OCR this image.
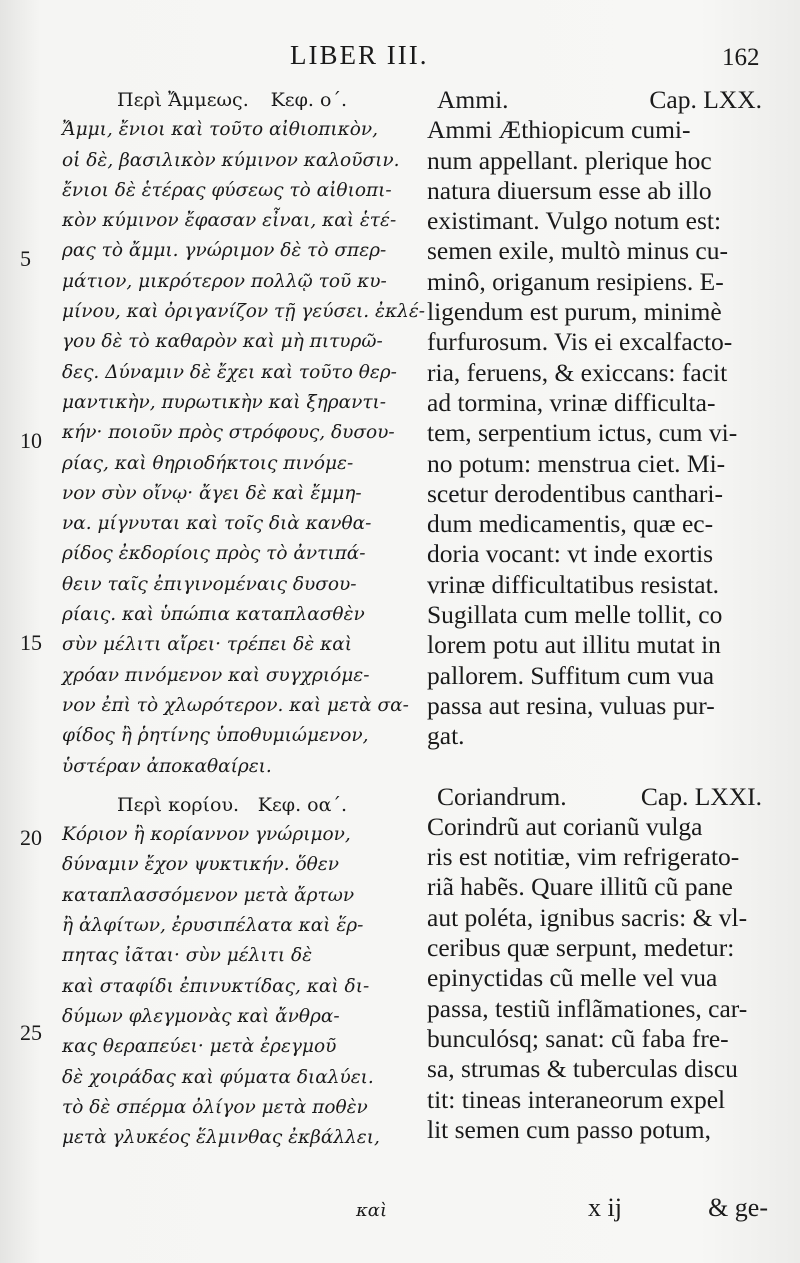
LIBER III.	162
5
10
15
20
25
Περὶ Ἄμμεως. Κεφ. ο΄.
Ἄμμι, ἔνιοι καὶ τοῦτο αἰθιοπικὸν,
οἱ δὲ, βασιλικὸν κύμινον καλοῦσιν.
ἔνιοι δὲ ἑτέρας φύσεως τὸ αἰθιοπι-
κὸν κύμινον ἔφασαν εἶναι, καὶ ἑτέ-
ρας τὸ ἄμμι. γνώριμον δὲ τὸ σπερ-
μάτιον, μικρότερον πολλῷ τοῦ κυ-
μίνου, καὶ ὀριγανίζον τῇ γεύσει. ἐκλέ-
γου δὲ τὸ καθαρὸν καὶ μὴ πιτυρῶ-
δες. Δύναμιν δὲ ἔχει καὶ τοῦτο θερ-
μαντικὴν, πυρωτικὴν καὶ ξηραντι-
κήν· ποιοῦν πρὸς στρόφους, δυσου-
ρίας, καὶ θηριοδήκτοις πινόμε-
νον σὺν οἴνῳ· ἄγει δὲ καὶ ἔμμη-
να. μίγνυται καὶ τοῖς διὰ κανθα-
ρίδος ἐκδορίοις πρὸς τὸ ἀντιπά-
θειν ταῖς ἐπιγινομέναις δυσου-
ρίαις. καὶ ὑπώπια καταπλασθὲν
σὺν μέλιτι αἴρει· τρέπει δὲ καὶ
χρόαν πινόμενον καὶ συγχριόμε-
νον ἐπὶ τὸ χλωρότερον. καὶ μετὰ σα-
φίδος ἢ ῥητίνης ὑποθυμιώμενον,
ὑστέραν ἀποκαθαίρει.
Περὶ κορίου. Κεφ. οα΄.
Κόριον ἢ κορίαννον γνώριμον,
δύναμιν ἔχον ψυκτικήν. ὅθεν
καταπλασσόμενον μετὰ ἄρτων
ἢ ἀλφίτων, ἐρυσιπέλατα καὶ ἕρ-
πητας ἰᾶται· σὺν μέλιτι δὲ
καὶ σταφίδι ἐπινυκτίδας, καὶ δι-
δύμων φλεγμονὰς καὶ ἄνθρα-
κας θεραπεύει· μετὰ ἐρεγμοῦ
δὲ χοιράδας καὶ φύματα διαλύει.
τὸ δὲ σπέρμα ὀλίγον μετὰ ποθὲν
μετὰ γλυκέος ἕλμινθας ἐκβάλλει,
Ammi.	Cap. LXX.
Ammi Æthiopicum cumi-
num appellant. plerique hoc
natura diuersum esse ab illo
existimant. Vulgo notum est:
semen exile, multò minus cu-
minô, origanum resipiens. E-
ligendum est purum, minimè
furfurosum. Vis ei excalfacto-
ria, feruens, & exiccans: facit
ad tormina, vrinæ difficulta-
tem, serpentium ictus, cum vi-
no potum: menstrua ciet. Mi-
scetur derodentibus canthari-
dum medicamentis, quæ ec-
doria vocant: vt inde exortis
vrinæ difficultatibus resistat.
Sugillata cum melle tollit, co
lorem potu aut illitu mutat in
pallorem. Suffitum cum vua
passa aut resina, vuluas pur-
gat.
Coriandrum.	Cap. LXXI.
Corindrũ aut corianũ vulga
ris est notitiæ, vim refrigerato-
riã habẽs. Quare illitũ cũ pane
aut poléta, ignibus sacris: & vl-
ceribus quæ serpunt, medetur:
epinyctidas cũ melle vel vua
passa, testiũ inflãmationes, car-
bunculósq; sanat: cũ faba fre-
sa, strumas & tuberculas discu
tit: tineas interaneorum expel
lit semen cum passo potum,
καὶ	x ij	& ge-
